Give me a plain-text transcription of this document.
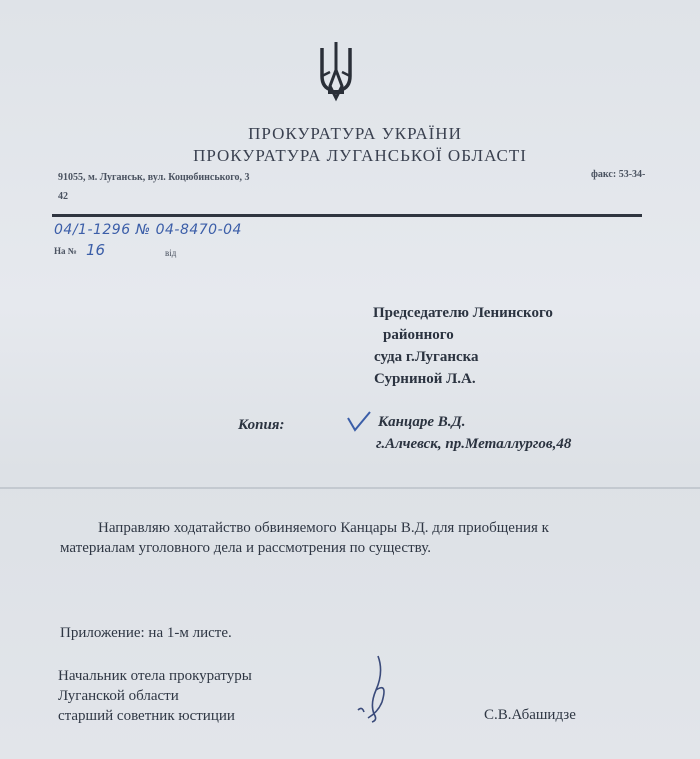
ПРОКУРАТУРА УКРАЇНИ
ПРОКУРАТУРА ЛУГАНСЬКОЇ ОБЛАСТІ
91055, м. Луганськ, вул. Коцюбинського, 3
42
факс: 53-34-
04/1-1296 № 04-8470-04
На № 16	від
Председателю Ленинского
районного
суда г.Луганска
Сурниной Л.А.
Копия:	Канцаре В.Д.
г.Алчевск, пр.Металлургов,48
Направляю ходатайство обвиняемого Канцары В.Д. для приобщения к
материалам уголовного дела и рассмотрения по существу.
Приложение: на 1-м листе.
Начальник отела прокуратуры
Луганской области
старший советник юстиции	С.В.Абашидзе
